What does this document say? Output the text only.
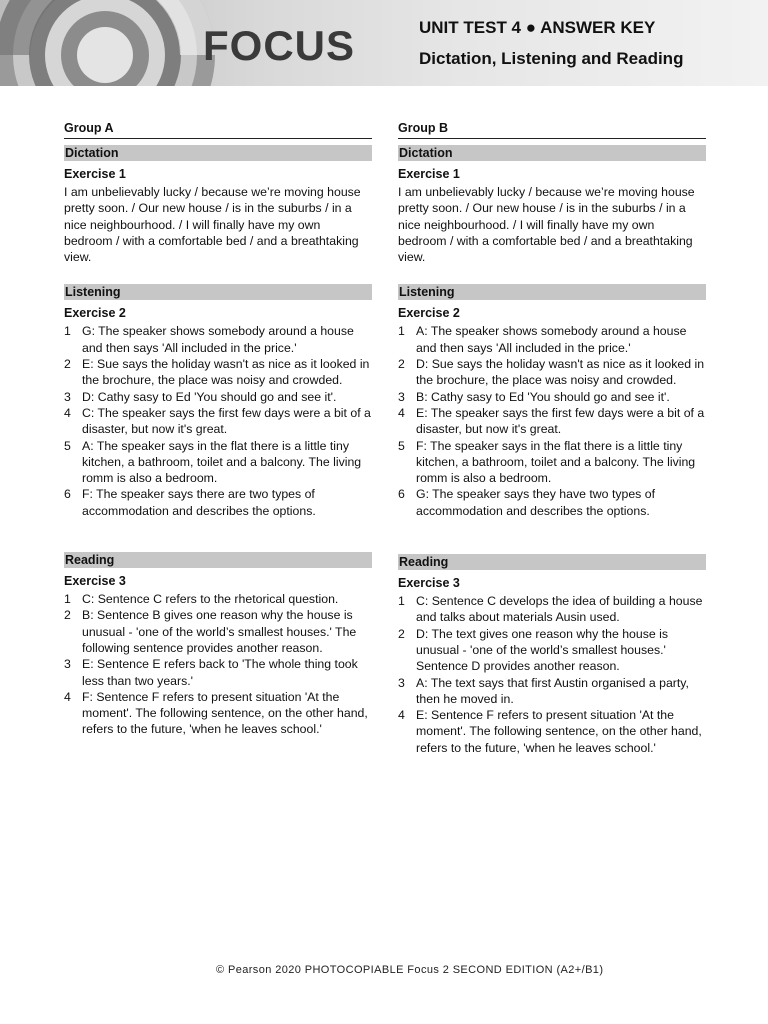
FOCUS	UNIT TEST 4 ● ANSWER KEY
Dictation, Listening and Reading
Group A
Dictation
Exercise 1
I am unbelievably lucky / because we’re moving house pretty soon. / Our new house / is in the suburbs / in a nice neighbourhood. / I will finally have my own bedroom / with a comfortable bed / and a breathtaking view.
Listening
Exercise 2
1 G: The speaker shows somebody around a house and then says 'All included in the price.'
2 E: Sue says the holiday wasn't as nice as it looked in the brochure, the place was noisy and crowded.
3 D: Cathy sasy to Ed 'You should go and see it'.
4 C: The speaker says the first few days were a bit of a disaster, but now it's great.
5 A: The speaker says in the flat there is a little tiny kitchen, a bathroom, toilet and a balcony. The living romm is also a bedroom.
6 F: The speaker says there are two types of accommodation and describes the options.
Reading
Exercise 3
1 C: Sentence C refers to the rhetorical question.
2 B: Sentence B gives one reason why the house is unusual - 'one of the world’s smallest houses.' The following sentence provides another reason.
3 E: Sentence E refers back to 'The whole thing took less than two years.'
4 F: Sentence F refers to present situation 'At the moment'. The following sentence, on the other hand, refers to the future, 'when he leaves school.'
Group B
Dictation
Exercise 1
I am unbelievably lucky / because we’re moving house pretty soon. / Our new house / is in the suburbs / in a nice neighbourhood. / I will finally have my own bedroom / with a comfortable bed / and a breathtaking view.
Listening
Exercise 2
1 A: The speaker shows somebody around a house and then says 'All included in the price.'
2 D: Sue says the holiday wasn't as nice as it looked in the brochure, the place was noisy and crowded.
3 B: Cathy sasy to Ed 'You should go and see it'.
4 E: The speaker says the first few days were a bit of a disaster, but now it's great.
5 F: The speaker says in the flat there is a little tiny kitchen, a bathroom, toilet and a balcony. The living romm is also a bedroom.
6 G: The speaker says they have two types of accommodation and describes the options.
Reading
Exercise 3
1 C: Sentence C develops the idea of building a house and talks about materials Ausin used.
2 D: The text gives one reason why the house is unusual - 'one of the world’s smallest houses.' Sentence D provides another reason.
3 A: The text says that first Austin organised a party, then he moved in.
4 E: Sentence F refers to present situation 'At the moment'. The following sentence, on the other hand, refers to the future, 'when he leaves school.'
© Pearson 2020 PHOTOCOPIABLE Focus 2 SECOND EDITION (A2+/B1)
